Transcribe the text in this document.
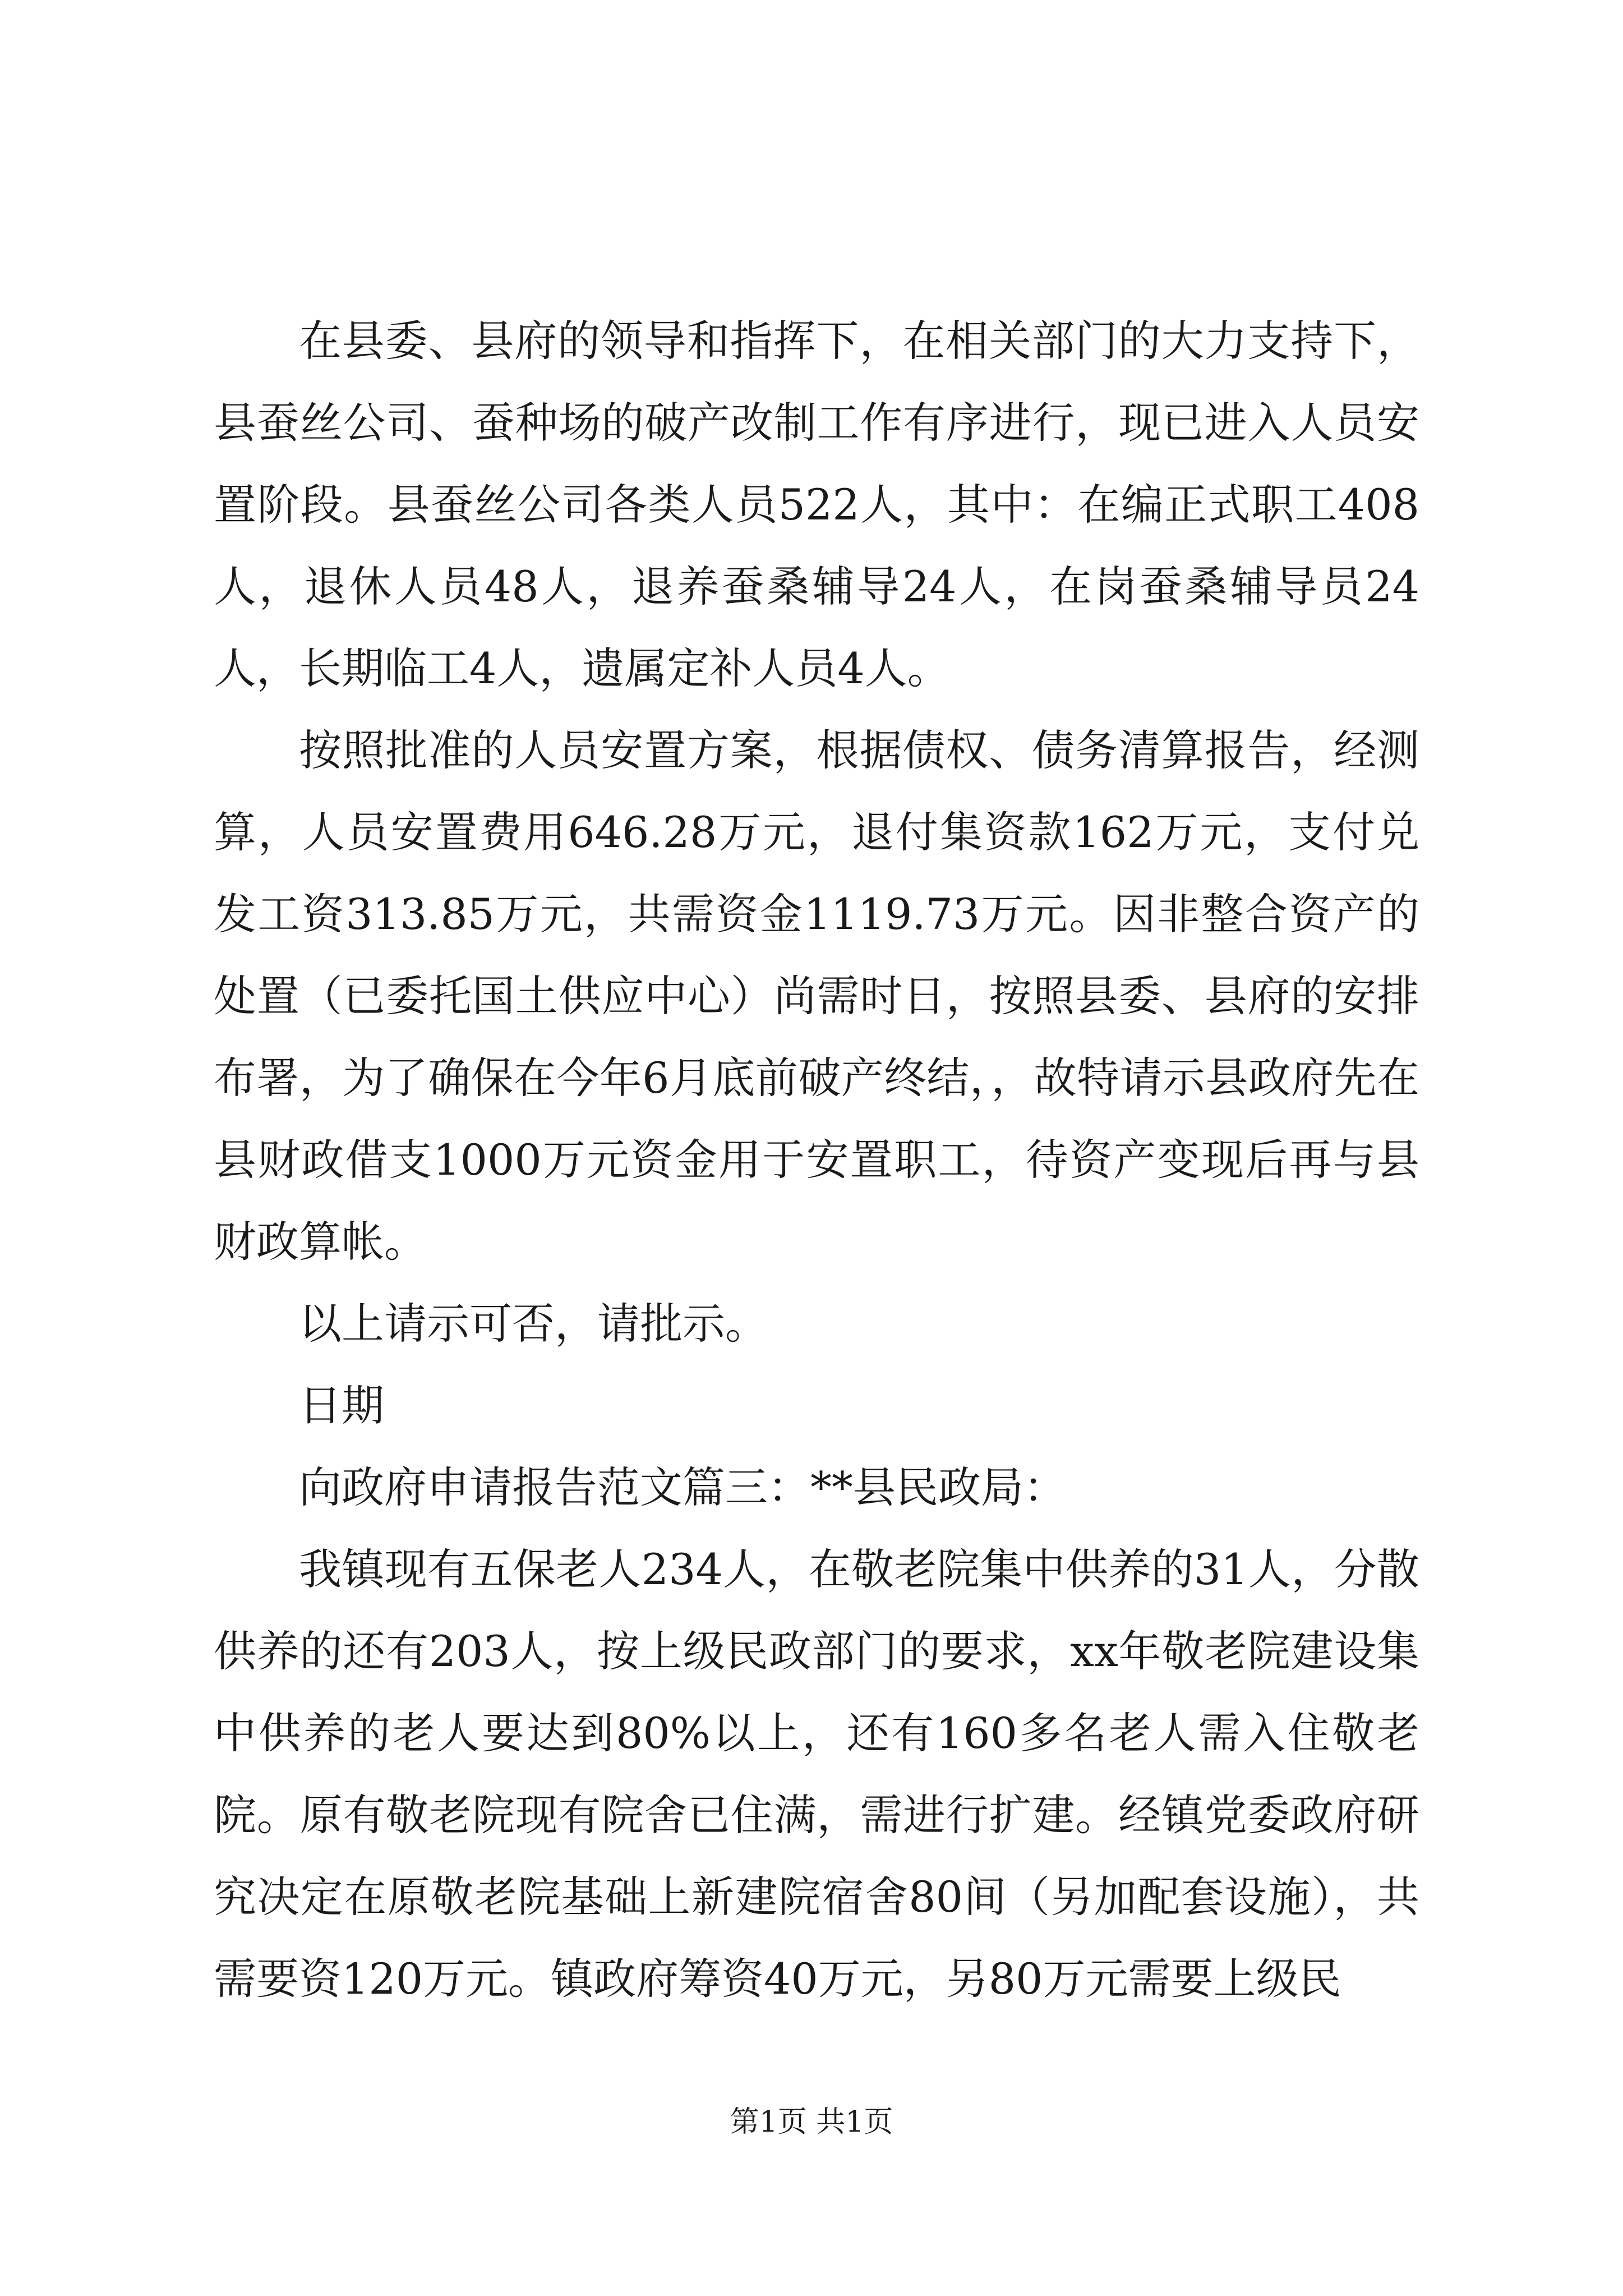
在县委、县府的领导和指挥下，在相关部门的大力支持下，县蚕丝公司、蚕种场的破产改制工作有序进行，现已进入人员安置阶段。县蚕丝公司各类人员522人，其中：在编正式职工408人，退休人员48人，退养蚕桑辅导24人，在岗蚕桑辅导员24人，长期临工4人，遗属定补人员4人。

按照批准的人员安置方案，根据债权、债务清算报告，经测算，人员安置费用646.28万元，退付集资款162万元，支付兑发工资313.85万元，共需资金1119.73万元。因非整合资产的处置（已委托国土供应中心）尚需时日，按照县委、县府的安排布署，为了确保在今年6月底前破产终结，，故特请示县政府先在县财政借支1000万元资金用于安置职工，待资产变现后再与县财政算帐。

以上请示可否，请批示。

日期

向政府申请报告范文篇三：**县民政局：

我镇现有五保老人234人，在敬老院集中供养的31人，分散供养的还有203人，按上级民政部门的要求，xx年敬老院建设集中供养的老人要达到80%以上，还有160多名老人需入住敬老院。原有敬老院现有院舍已住满，需进行扩建。经镇党委政府研究决定在原敬老院基础上新建院宿舍80间（另加配套设施），共需要资120万元。镇政府筹资40万元，另80万元需要上级民

第1页 共1页
